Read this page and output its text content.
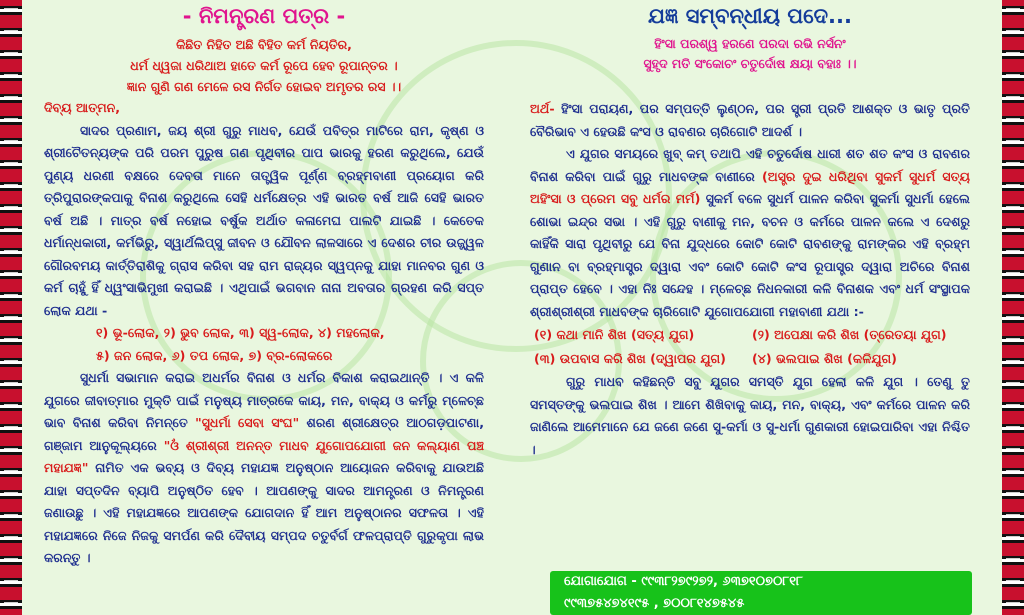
- ନିମନ୍ତ୍ରଣ ପତ୍ର -
କିଛିତ ନିହିତ ଅଛି ବିହିତ କର୍ମ ନିୟତିର,
ଧର୍ମ ଧ୍ୱଜା ଧରିଥାଅ ହାତେ କର୍ମ ରୂପେ ହେବ ରୂପାନ୍ତର ।
ଜ୍ଞାନ ଗୁଣି ଗଣ ମେଳେ ରସ ନିର୍ଗତ ହୋଇବ ଅମୃତର ରସ ।।

ଦିବ୍ୟ ଆତ୍ମନ,

ସାଦର ପ୍ରଣାମ, ଜୟ ଶ୍ରୀ ଗୁରୁ ମାଧବ, ଯେଉଁ ପବିତ୍ର ମାଟିରେ ରାମ, କୃଷ୍ଣ ଓ ଶ୍ରୀଚୈତନ୍ୟଙ୍କ ପରି ପରମ ପୁରୁଷ ଗଣ ପୃଥିବୀର ପାପ ଭାରକୁ ହରଣ କରୁଥିଲେ, ଯେଉଁ ପୁଣ୍ୟ ଧରଣୀ ବକ୍ଷରେ ଦେବତା ମାନେ ତାତ୍ତ୍ୱିକ ପୂର୍ଣ୍ଣ ବ୍ରହ୍ମବାଣୀ ପ୍ରୟୋଗ କରି ତ୍ରିପୁରାରଙ୍କପାକୁ ବିନାଶ କରୁଥିଲେ ସେହି ଧର୍ମକ୍ଷେତ୍ର ଏହି ଭାରତ ବର୍ଷ ଆଜି ସେହି ଭାରତ ବର୍ଷ ଅଛି । ମାତ୍ର ବର୍ଷ ନହୋଇ ବର୍ଷୁକ ଅର୍ଥାତ କଳାମେଘ ପାଲଟି ଯାଇଛି । କେତେକ ଧର୍ମାନ୍ଧକାରୀ, କର୍ମଭିରୁ, ସ୍ୱାର୍ଥଲିପ୍ସୁ ଜୀବନ ଓ ଯୌବନ ଲାଳସାରେ ଏ ଦେଶର ଚୀର ଉଜ୍ଜ୍ୱଳ ଗୌରବମୟ କାର୍ତ୍ତିରାଶିକୁ ଗ୍ରାସ କରିବା ସହ ରାମ ରାଜ୍ୟର ସ୍ୱପ୍ନକୁ ଯାହା ମାନବର ଗୁଣ ଓ କର୍ମ ଚାହୁଁ ହିଁ ଧ୍ୱଂସାଭିମୁଖୀ କରାଇଛି । ଏଥିପାଇଁ ଭଗବାନ ନାନା ଅବତାର ଗ୍ରହଣ କରି ସପ୍ତ ଲୋକ ଯଥା -

୧) ଭୂ-ଲୋକ, ୨) ଭୁବ ଲୋକ, ୩) ସ୍ୱ-ଲୋକ, ୪) ମହଲୋକ,
୫) ଜନ ଲୋକ, ୬) ତପ ଲୋକ, ୭) ବ୍ର-ଲୋକରେ

ସୁଧର୍ମା ସଭାମାନ କରାଇ ଅଧର୍ମର ବିନାଶ ଓ ଧର୍ମର ବିକାଶ କରାଇଥାନ୍ତି । ଏ କଳି ଯୁଗରେ ଜୀବାତ୍ମାର ମୁକ୍ତି ପାଇଁ ମନୁଷ୍ୟ ମାତ୍ରକେ କାୟ, ମନ, ବାକ୍ୟ ଓ କର୍ମରୁ ମ୍ଳେଚ୍ଛ ଭାବ ବିନାଶ କରିବା ନିମନ୍ତେ "ସୁଧର୍ମା ସେବା ସଂଘ" ଶରଣ ଶ୍ରୀକ୍ଷେତ୍ର ଆଠଗଡ଼ପାଟଣା, ଗଞ୍ଜାମ ଆନୁକୂଲ୍ୟରେ "ଓଁ ଶ୍ରୀଶ୍ରୀ ଅନନ୍ତ ମାଧବ ଯୁଗୋପଯୋଗୀ ଜନ କଲ୍ୟାଣ ପଞ୍ଚ ମହାଯଜ୍ଞ" ନାମିତ ଏକ ଭବ୍ୟ ଓ ଦିବ୍ୟ ମହାଯଜ୍ଞ ଅନୁଷ୍ଠାନ ଆୟୋଜନ କରିବାକୁ ଯାଉଅଛି ଯାହା ସପ୍ତଦିନ ବ୍ୟାପି ଅନୁଷ୍ଠିତ ହେବ । ଆପଣଙ୍କୁ ସାଦର ଆମନ୍ତ୍ରଣ ଓ ନିମନ୍ତ୍ରଣ ଜଣାଉଛୁ । ଏହି ମହାଯଜ୍ଞରେ ଆପଣଙ୍କ ଯୋଗଦାନ ହିଁ ଆମ ଅନୁଷ୍ଠାନର ସଫଳତା । ଏହି ମହାଯଜ୍ଞରେ ନିଜେ ନିଜକୁ ସମର୍ପଣ କରି ଦୈବୀୟ ସମ୍ପଦ ଚତୁର୍ବର୍ଗ ଫଳପ୍ରାପ୍ତି ଗୁରୁକୃପା ଲାଭ କରନ୍ତୁ ।

ଯଜ୍ଞ ସମ୍ବନ୍ଧୀୟ ପଦେ...
ହିଂସା ପରଶ୍ୱ ହରଣେ ପରଦା ରଭି ନର୍ସନଂ
ସୁହୃଦ ମତି ସଂକୋଚଂ ଚତୁର୍ଦୋଷ କ୍ଷୟା ବହାଃ ।।

ଅର୍ଥ- ହିଂସା ପରାୟଣ, ପର ସମ୍ପତ୍ତି ଲୁଣ୍ଠନ, ପର ସ୍ତ୍ରୀ ପ୍ରତି ଆଶକ୍ତ ଓ ଭାତୃ ପ୍ରତି ବୈରିଭାବ ଏ ହେଉଛି କଂସ ଓ ରାବଣର ଚାରିଗୋଟି ଆଦର୍ଶ ।

ଏ ଯୁଗର ସମୟରେ ଖୁବ୍ କମ୍ ତଥାପି ଏହି ଚତୁର୍ଦୋଷ ଧାରୀ ଶତ ଶତ କଂସ ଓ ରାବଣର ବିନାଶ କରିବା ପାଇଁ ଗୁରୁ ମାଧବଙ୍କ ବାଣୀରେ (ଅସ୍ତ୍ର ଦୁଇ ଧରିଥିବା ସୁକର୍ମ ସୁଧର୍ମ ସତ୍ୟ ଅହିଂସା ଓ ପ୍ରେମ ସବୁ ଧର୍ମର ମର୍ମ) ସୁକର୍ମ ବଳେ ସୁଧର୍ମ ପାଳନ କରିବା ସୁକର୍ମା ସୁଧର୍ମା ହେଲେ ଶୋଭା ଇନ୍ଦ୍ର ସଭା । ଏହି ଗୁରୁ ବାଣୀକୁ ମନ, ବଚନ ଓ କର୍ମରେ ପାଳନ କଲେ ଏ ଦେଶରୁ କାହିଁକି ସାରା ପୃଥିବୀରୁ ଯେ ବିନା ଯୁଦ୍ଧରେ କୋଟି କୋଟି ରାବଣଙ୍କୁ ରାମଙ୍କର ଏହି ବ୍ରହ୍ମ ଗୁଣାନ ବା ବ୍ରହ୍ମାସ୍ତ୍ର ଦ୍ୱାରା ଏବଂ କୋଟି କୋଟି କଂସ ରୂପାସ୍ତ୍ର ଦ୍ୱାରା ଅଚିରେ ବିନାଶ ପ୍ରାପ୍ତ ହେବେ । ଏହା ନିଃ ସନ୍ଦେହ । ମ୍ଳେଚ୍ଛ ନିଧନକାରୀ କଳି ବିନାଶକ ଏବଂ ଧର୍ମ ସଂସ୍ଥାପକ ଶ୍ରୀଶ୍ରୀଶ୍ରୀ ମାଧବଙ୍କ ଚାରିଗୋଟି ଯୁଗୋପଯୋଗୀ ମହାବାଣୀ ଯଥା :-

(୧) କଥା ମାନି ଶିଖ (ସତ୍ୟ ଯୁଗ)	(୨) ଅପେକ୍ଷା କରି ଶିଖ (ତ୍ରେତୟା ଯୁଗ)
(୩) ଉପବାସ କରି ଶିଖ (ଦ୍ୱାପର ଯୁଗ)	(୪) ଭଲପାଇ ଶିଖ (କଳିଯୁଗ)

ଗୁରୁ ମାଧବ କହିଛନ୍ତି ସବୁ ଯୁଗର ସମସ୍ତି ଯୁଗ ହେଲା କଳି ଯୁଗ । ତେଣୁ ତୁ ସମସ୍ତଙ୍କୁ ଭଲପାଇ ଶିଖ । ଆମେ ଶିଖିବାକୁ କାୟ, ମନ, ବାକ୍ୟ, ଏବଂ କର୍ମରେ ପାଳନ କରି ଜାଣିଲେ ଆମେମାନେ ଯେ ଜଣେ ଜଣେ ସୁ-କର୍ମା ଓ ସୁ-ଧର୍ମା ଗୁଣକାରୀ ହୋଇପାରିବା ଏହା ନିଶ୍ଚିତ ।

ଯୋଗାଯୋଗ - ୯୯୩୮୨୭୯୨୭୨, ୬୩୭୧୦୭୦୮୧୮
୯୯୩୭୫୪୭୪୧୯୫ , ୭୦୦୮୧୪୭୫୪୫
